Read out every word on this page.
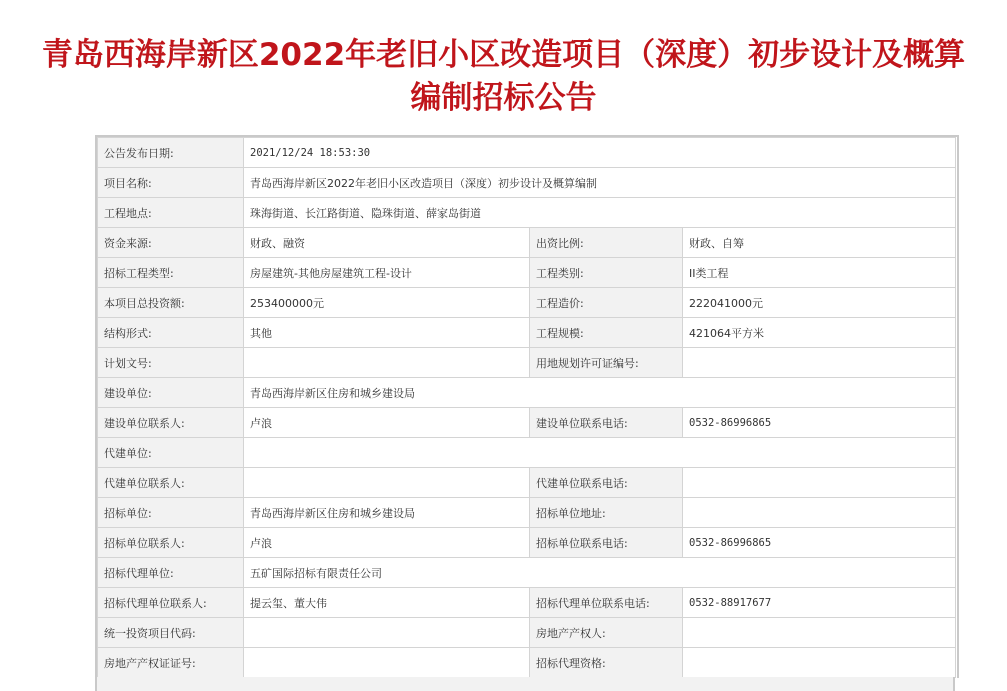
青岛西海岸新区2022年老旧小区改造项目（深度）初步设计及概算
编制招标公告
公告发布日期:	2021/12/24 18:53:30		
项目名称:	青岛西海岸新区2022年老旧小区改造项目（深度）初步设计及概算编制		
工程地点:	珠海街道、长江路街道、隐珠街道、薛家岛街道		
资金来源:	财政、融资	出资比例:	财政、自筹
招标工程类型:	房屋建筑-其他房屋建筑工程-设计	工程类别:	II类工程
本项目总投资额:	253400000元	工程造价:	222041000元
结构形式:	其他	工程规模:	421064平方米
计划文号:		用地规划许可证编号:	
建设单位:	青岛西海岸新区住房和城乡建设局		
建设单位联系人:	卢浪	建设单位联系电话:	0532-86996865
代建单位:			
代建单位联系人:		代建单位联系电话:	
招标单位:	青岛西海岸新区住房和城乡建设局	招标单位地址:	
招标单位联系人:	卢浪	招标单位联系电话:	0532-86996865
招标代理单位:	五矿国际招标有限责任公司		
招标代理单位联系人:	提云玺、董大伟	招标代理单位联系电话:	0532-88917677
统一投资项目代码:		房地产产权人:	
房地产产权证证号:		招标代理资格:	
